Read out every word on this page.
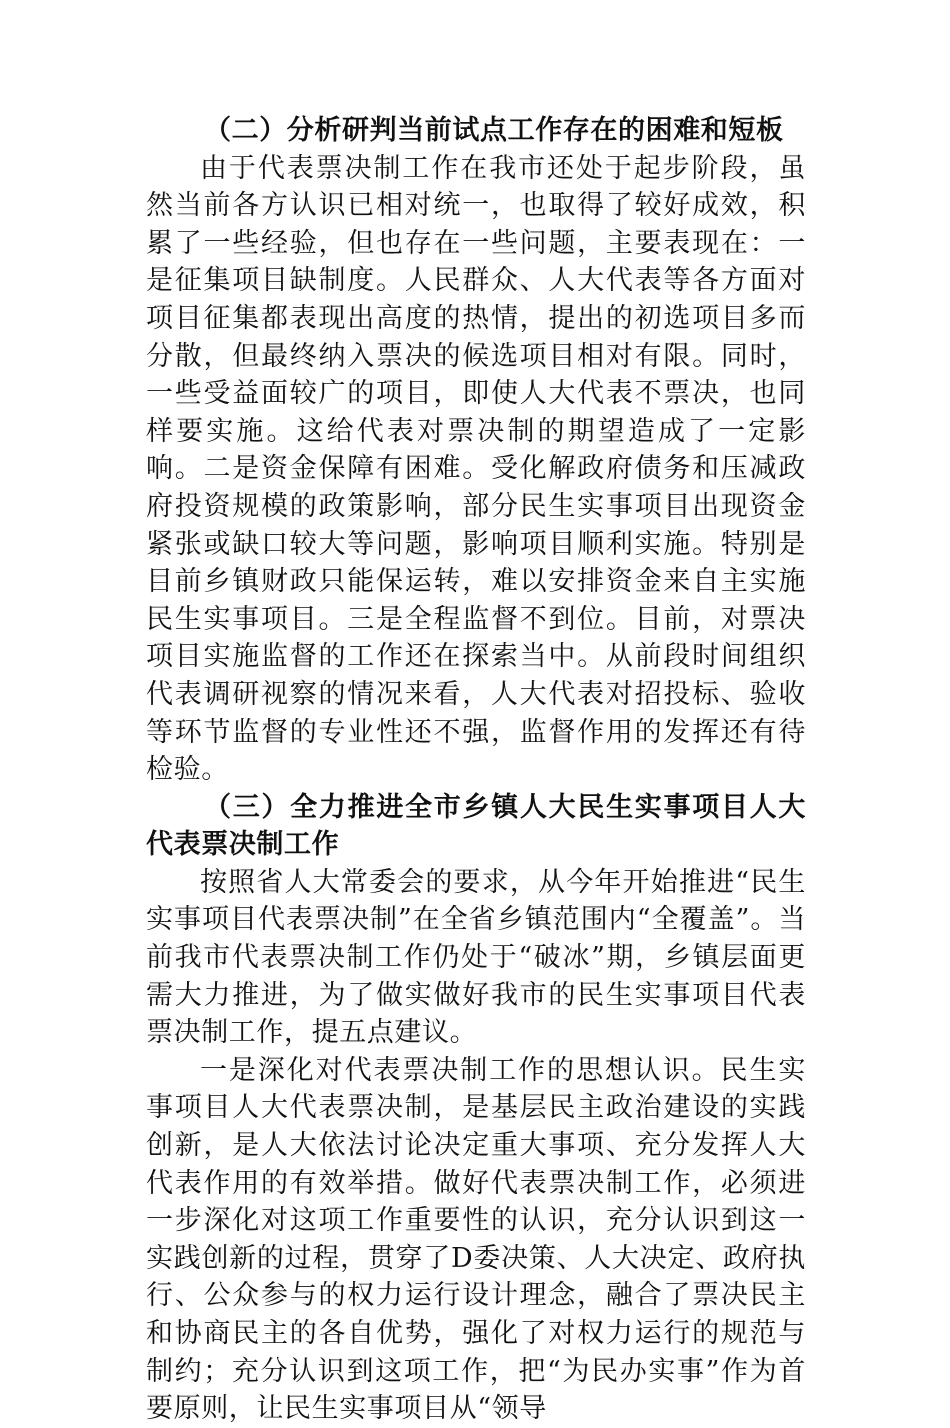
（二）分析研判当前试点工作存在的困难和短板

由于代表票决制工作在我市还处于起步阶段，虽然当前各方认识已相对统一，也取得了较好成效，积累了一些经验，但也存在一些问题，主要表现在：一是征集项目缺制度。人民群众、人大代表等各方面对项目征集都表现出高度的热情，提出的初选项目多而分散，但最终纳入票决的候选项目相对有限。同时，一些受益面较广的项目，即使人大代表不票决，也同样要实施。这给代表对票决制的期望造成了一定影响。二是资金保障有困难。受化解政府债务和压减政府投资规模的政策影响，部分民生实事项目出现资金紧张或缺口较大等问题，影响项目顺利实施。特别是目前乡镇财政只能保运转，难以安排资金来自主实施民生实事项目。三是全程监督不到位。目前，对票决项目实施监督的工作还在探索当中。从前段时间组织代表调研视察的情况来看，人大代表对招投标、验收等环节监督的专业性还不强，监督作用的发挥还有待检验。

（三）全力推进全市乡镇人大民生实事项目人大代表票决制工作

按照省人大常委会的要求，从今年开始推进“民生实事项目代表票决制”在全省乡镇范围内“全覆盖”。当前我市代表票决制工作仍处于“破冰”期，乡镇层面更需大力推进，为了做实做好我市的民生实事项目代表票决制工作，提五点建议。

一是深化对代表票决制工作的思想认识。民生实事项目人大代表票决制，是基层民主政治建设的实践创新，是人大依法讨论决定重大事项、充分发挥人大代表作用的有效举措。做好代表票决制工作，必须进一步深化对这项工作重要性的认识，充分认识到这一实践创新的过程，贯穿了D委决策、人大决定、政府执行、公众参与的权力运行设计理念，融合了票决民主和协商民主的各自优势，强化了对权力运行的规范与制约；充分认识到这项工作，把“为民办实事”作为首要原则，让民生实事项目从“领导
